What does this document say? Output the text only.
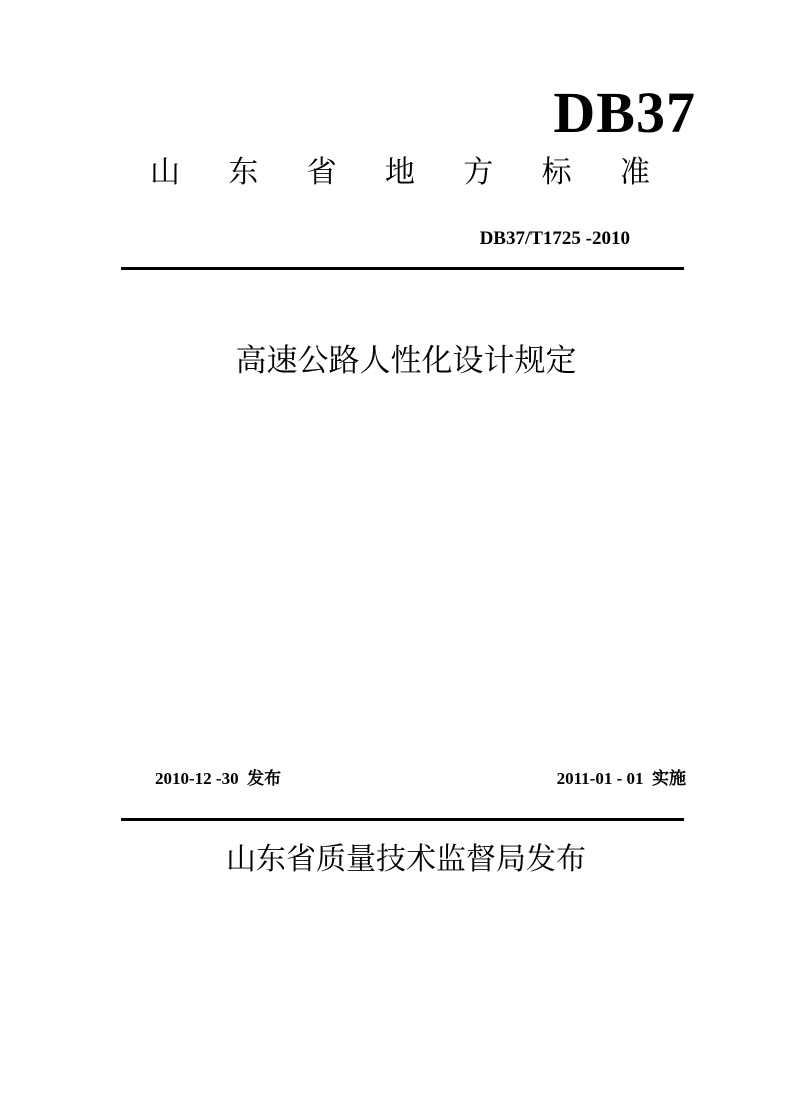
DB37
山 东 省 地 方 标 准
DB37/T1725 -2010
高速公路人性化设计规定
2010-12 -30  发布	2011-01 - 01  实施
山东省质量技术监督局发布
